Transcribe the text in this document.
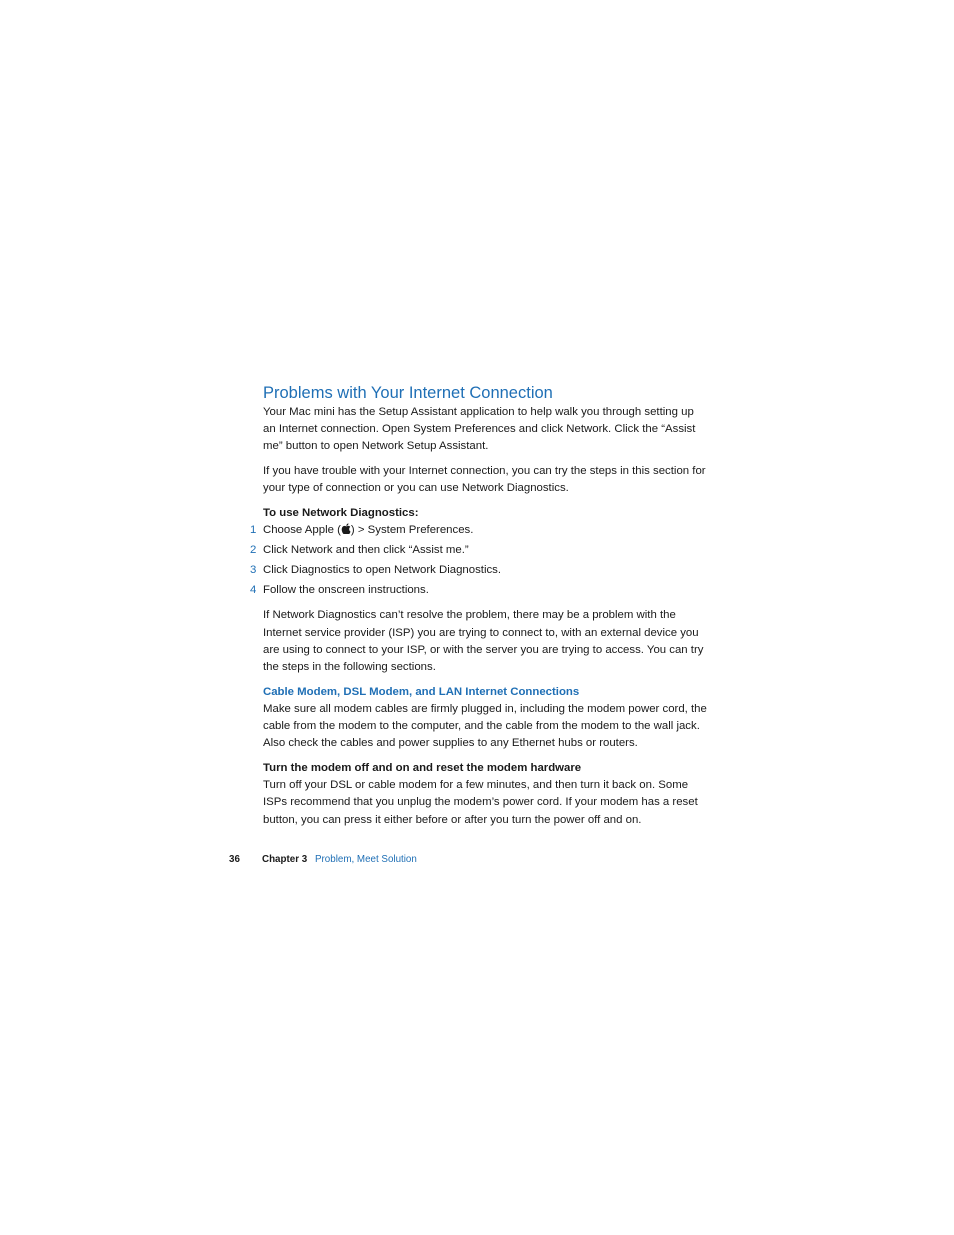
Problems with Your Internet Connection

Your Mac mini has the Setup Assistant application to help walk you through setting up an Internet connection. Open System Preferences and click Network. Click the “Assist me” button to open Network Setup Assistant.

If you have trouble with your Internet connection, you can try the steps in this section for your type of connection or you can use Network Diagnostics.

To use Network Diagnostics:

1 Choose Apple ( ) > System Preferences.
2 Click Network and then click “Assist me.”
3 Click Diagnostics to open Network Diagnostics.
4 Follow the onscreen instructions.

If Network Diagnostics can’t resolve the problem, there may be a problem with the Internet service provider (ISP) you are trying to connect to, with an external device you are using to connect to your ISP, or with the server you are trying to access. You can try the steps in the following sections.

Cable Modem, DSL Modem, and LAN Internet Connections

Make sure all modem cables are firmly plugged in, including the modem power cord, the cable from the modem to the computer, and the cable from the modem to the wall jack. Also check the cables and power supplies to any Ethernet hubs or routers.

Turn the modem off and on and reset the modem hardware

Turn off your DSL or cable modem for a few minutes, and then turn it back on. Some ISPs recommend that you unplug the modem’s power cord. If your modem has a reset button, you can press it either before or after you turn the power off and on.

36 Chapter 3 Problem, Meet Solution
